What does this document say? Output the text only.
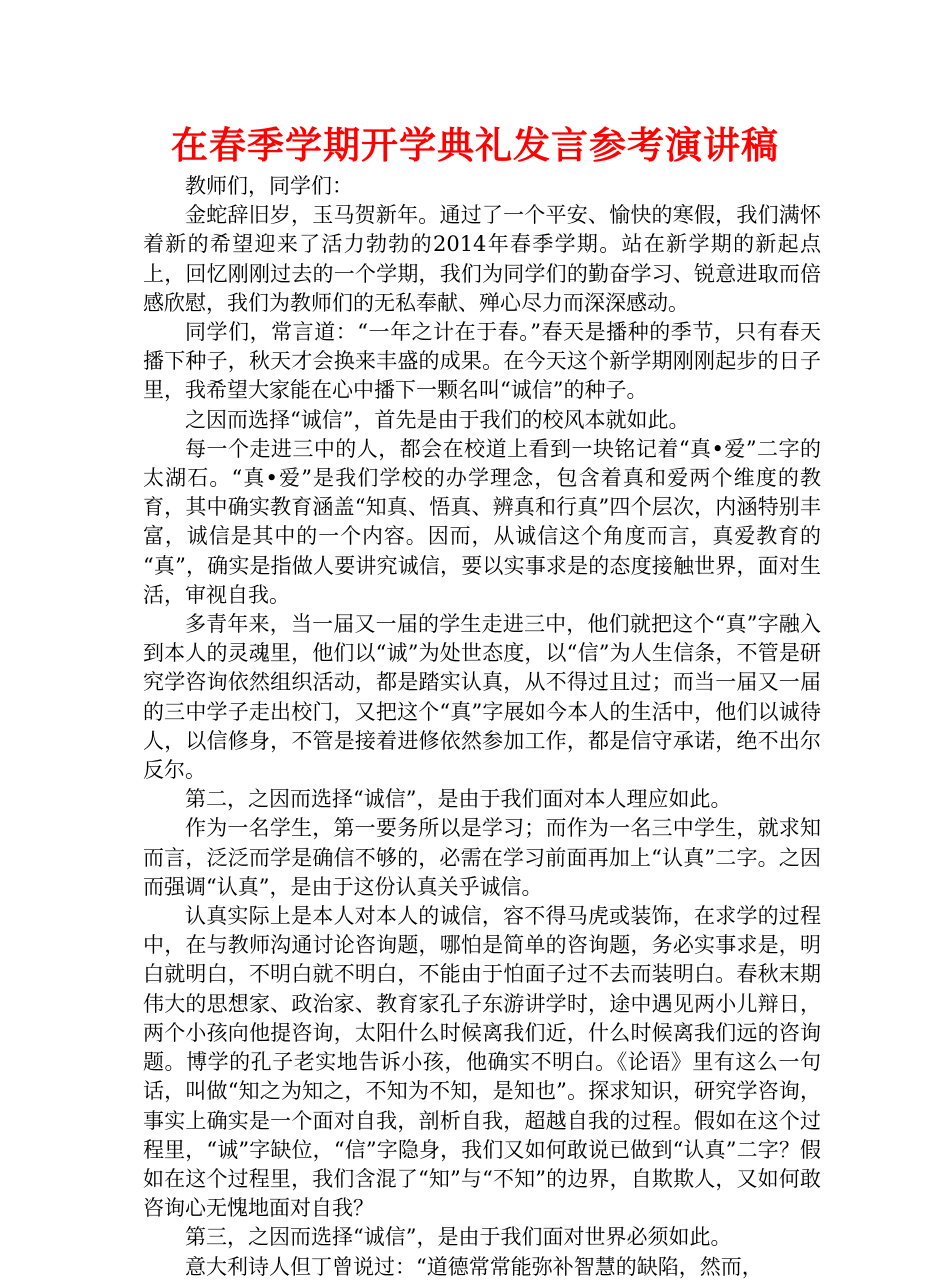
在春季学期开学典礼发言参考演讲稿

教师们，同学们：

金蛇辞旧岁，玉马贺新年。通过了一个平安、愉快的寒假，我们满怀着新的希望迎来了活力勃勃的2014年春季学期。站在新学期的新起点上，回忆刚刚过去的一个学期，我们为同学们的勤奋学习、锐意进取而倍感欣慰，我们为教师们的无私奉献、殚心尽力而深深感动。

同学们，常言道：“一年之计在于春。”春天是播种的季节，只有春天播下种子，秋天才会换来丰盛的成果。在今天这个新学期刚刚起步的日子里，我希望大家能在心中播下一颗名叫“诚信”的种子。

之因而选择“诚信”，首先是由于我们的校风本就如此。

每一个走进三中的人，都会在校道上看到一块铭记着“真•爱”二字的太湖石。“真•爱”是我们学校的办学理念，包含着真和爱两个维度的教育，其中确实教育涵盖“知真、悟真、辨真和行真”四个层次，内涵特别丰富，诚信是其中的一个内容。因而，从诚信这个角度而言，真爱教育的 “真”，确实是指做人要讲究诚信，要以实事求是的态度接触世界，面对生活，审视自我。

多青年来，当一届又一届的学生走进三中，他们就把这个“真”字融入到本人的灵魂里，他们以“诚”为处世态度，以“信”为人生信条，不管是研究学咨询依然组织活动，都是踏实认真，从不得过且过；而当一届又一届的三中学子走出校门，又把这个“真”字展如今本人的生活中，他们以诚待人，以信修身，不管是接着进修依然参加工作，都是信守承诺，绝不出尔反尔。

第二，之因而选择“诚信”，是由于我们面对本人理应如此。

作为一名学生，第一要务所以是学习；而作为一名三中学生，就求知而言，泛泛而学是确信不够的，必需在学习前面再加上“认真”二字。之因而强调“认真”，是由于这份认真关乎诚信。

认真实际上是本人对本人的诚信，容不得马虎或装饰，在求学的过程中，在与教师沟通讨论咨询题，哪怕是简单的咨询题，务必实事求是，明白就明白，不明白就不明白，不能由于怕面子过不去而装明白。春秋末期伟大的思想家、政治家、教育家孔子东游讲学时，途中遇见两小儿辩日，两个小孩向他提咨询，太阳什么时候离我们近，什么时候离我们远的咨询题。博学的孔子老实地告诉小孩，他确实不明白。《论语》里有这么一句话，叫做“知之为知之，不知为不知，是知也”。探求知识，研究学咨询，事实上确实是一个面对自我，剖析自我，超越自我的过程。假如在这个过程里，“诚”字缺位，“信”字隐身，我们又如何敢说已做到“认真”二字？假如在这个过程里，我们含混了“知”与“不知”的边界，自欺欺人，又如何敢咨询心无愧地面对自我？

第三，之因而选择“诚信”，是由于我们面对世界必须如此。

意大利诗人但丁曾说过：“道德常常能弥补智慧的缺陷，然而，
